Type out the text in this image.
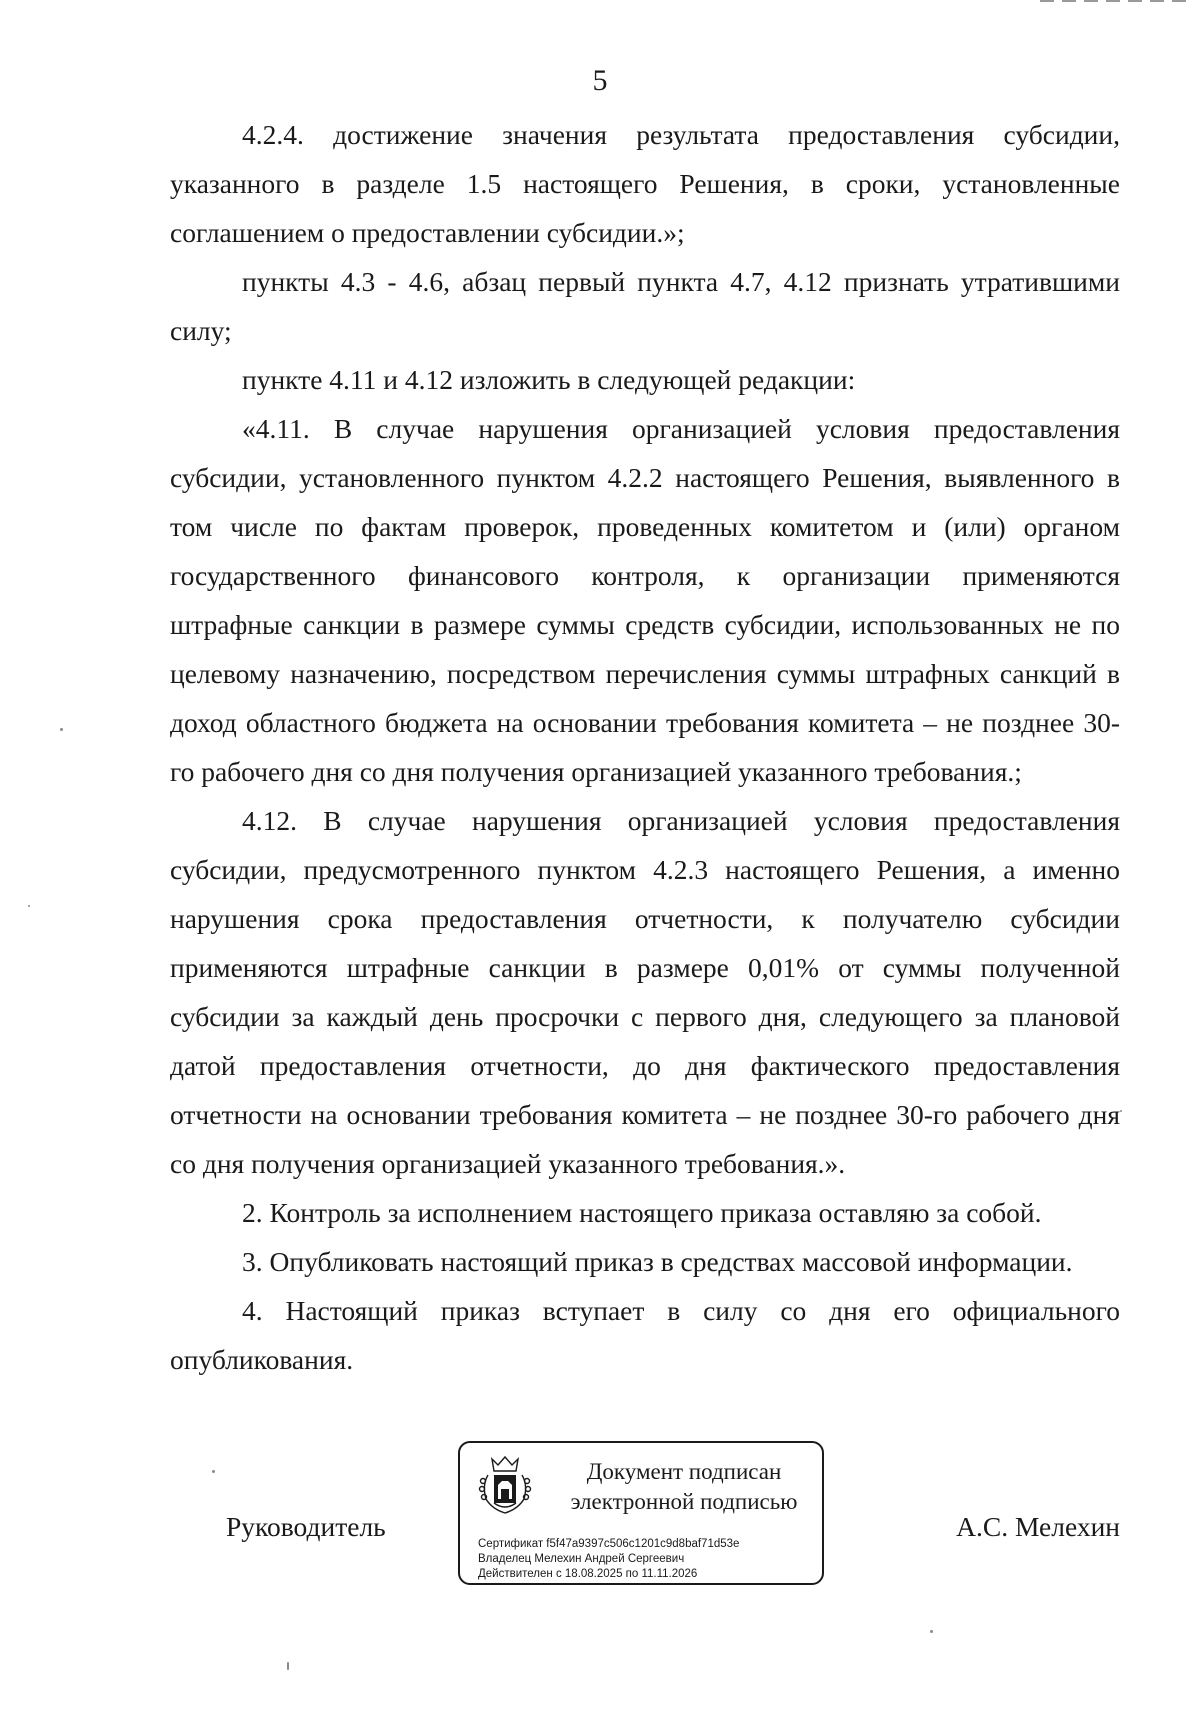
5

4.2.4. достижение значения результата предоставления субсидии, указанного в разделе 1.5 настоящего Решения, в сроки, установленные соглашением о предоставлении субсидии.»;

пункты 4.3 - 4.6, абзац первый пункта 4.7, 4.12 признать утратившими силу;

пункте 4.11 и 4.12 изложить в следующей редакции:

«4.11. В случае нарушения организацией условия предоставления субсидии, установленного пунктом 4.2.2 настоящего Решения, выявленного в том числе по фактам проверок, проведенных комитетом и (или) органом государственного финансового контроля, к организации применяются штрафные санкции в размере суммы средств субсидии, использованных не по целевому назначению, посредством перечисления суммы штрафных санкций в доход областного бюджета на основании требования комитета – не позднее 30-го рабочего дня со дня получения организацией указанного требования.;

4.12. В случае нарушения организацией условия предоставления субсидии, предусмотренного пунктом 4.2.3 настоящего Решения, а именно нарушения срока предоставления отчетности, к получателю субсидии применяются штрафные санкции в размере 0,01% от суммы полученной субсидии за каждый день просрочки с первого дня, следующего за плановой датой предоставления отчетности, до дня фактического предоставления отчетности на основании требования комитета – не позднее 30-го рабочего дня со дня получения организацией указанного требования.».

2. Контроль за исполнением настоящего приказа оставляю за собой.

3. Опубликовать настоящий приказ в средствах массовой информации.

4. Настоящий приказ вступает в силу со дня его официального опубликования.

Руководитель
Документ подписан
электронной подписью
Сертификат f5f47a9397c506c1201c9d8baf71d53e
Владелец Мелехин Андрей Сергеевич
Действителен с 18.08.2025 по 11.11.2026
А.С. Мелехин
